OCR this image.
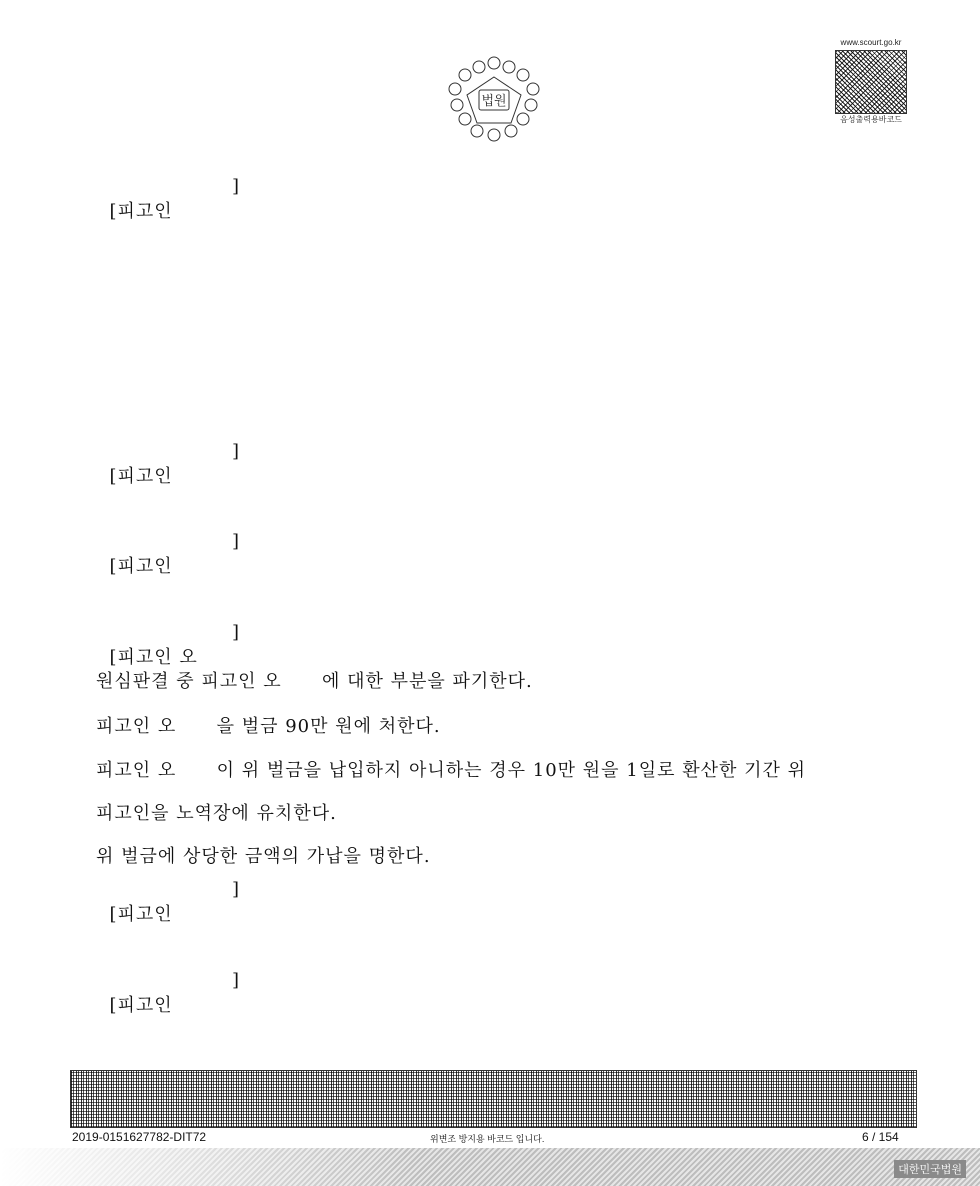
법원
www.scourt.go.kr
음성출력용바코드

[피고인
]

[피고인
]

[피고인
]

[피고인 오
]

원심판결 중 피고인 오      에 대한 부분을 파기한다.
피고인 오      을 벌금 90만 원에 처한다.
피고인 오      이 위 벌금을 납입하지 아니하는 경우 10만 원을 1일로 환산한 기간 위
피고인을 노역장에 유치한다.
위 벌금에 상당한 금액의 가납을 명한다.

[피고인
]

[피고인
]

2019-0151627782-DIT72	위변조 방지용 바코드 입니다.	6 / 154
대한민국법원
